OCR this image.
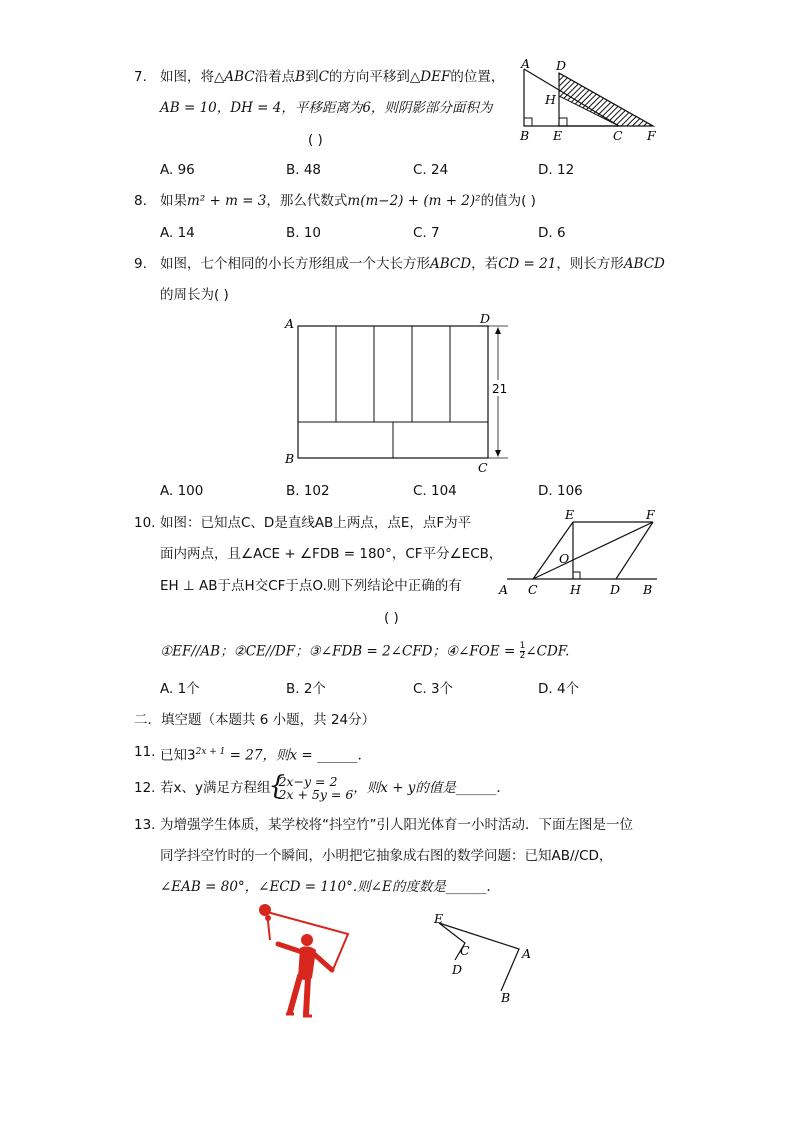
7. 如图，将△ABC沿着点B到C的方向平移到△DEF的位置，
AB = 10，DH = 4，平移距离为6，则阴影部分面积为
( )
A D
H
B E	C F
A. 96	B. 48	C. 24	D. 12
8. 如果m² + m = 3，那么代数式m(m−2) + (m + 2)²的值为( )
A. 14	B. 10	C. 7	D. 6
9. 如图，七个相同的小长方形组成一个大长方形ABCD，若CD = 21，则长方形ABCD
的周长为( )
21
A	D
B
C
A. 100	B. 102	C. 104	D. 106
10. 如图：已知点C、D是直线AB上两点，点E，点F为平
面内两点，且∠ACE + ∠FDB = 180°，CF平分∠ECB，
EH ⊥ AB于点H交CF于点O.则下列结论中正确的有
( )
E	F
O
A C	H D B
①EF//AB；②CE//DF；③∠FDB = 2∠CFD；④∠FOE = $\frac{1}{2}$ ∠CDF.
A. 1个	B. 2个	C. 3个	D. 4个
二．填空题（本题共 6 小题，共 24分）
11. 已知$3^{2x + 1} = 27$，则x = ______.
12. 若x、y满足方程组 { 2x−y = 2
2x + 5y = 6 ，则x + y的值是______.
13. 为增强学生体质，某学校将“抖空竹”引人阳光体育一小时活动．下面左图是一位
同学抖空竹时的一个瞬间，小明把它抽象成右图的数学问题：已知AB//CD，
∠EAB = 80°，∠ECD = 110°.则∠E的度数是______.
E
C
D
A
B
